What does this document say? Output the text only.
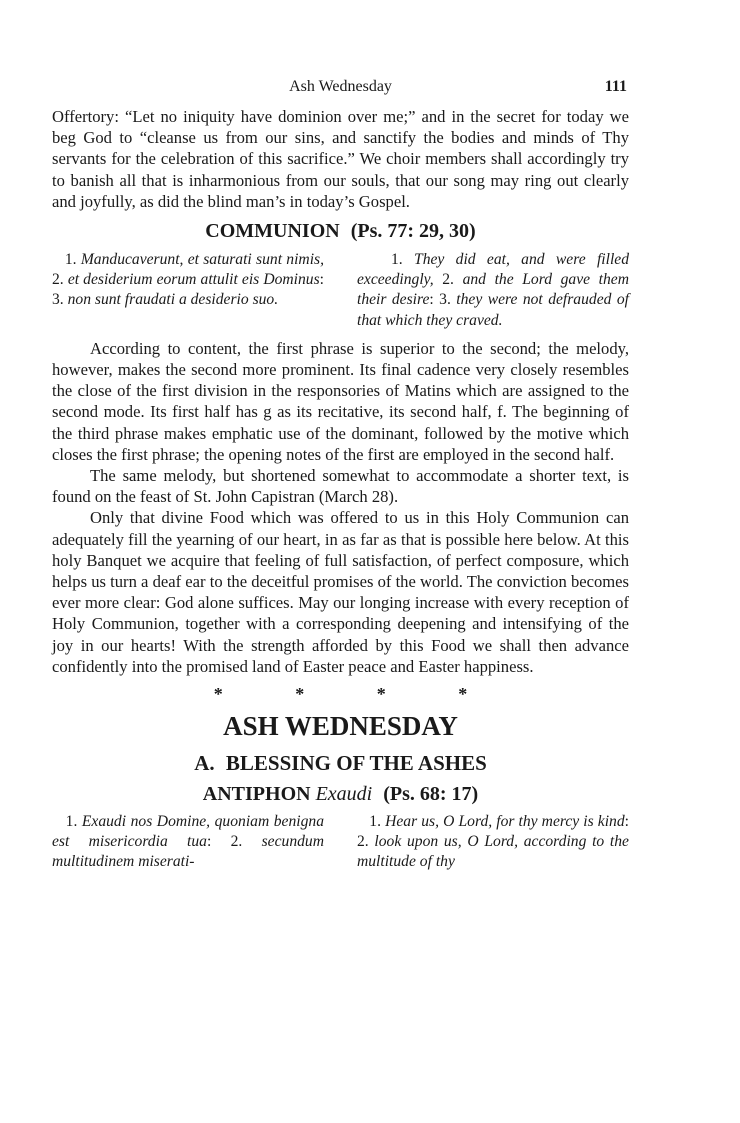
Ash Wednesday	111

Offertory: “Let no iniquity have dominion over me;” and in the secret for today we beg God to “cleanse us from our sins, and sanctify the bodies and minds of Thy servants for the celebration of this sacrifice.” We choir members shall accordingly try to banish all that is inharmonious from our souls, that our song may ring out clearly and joyfully, as did the blind man’s in today’s Gospel.

COMMUNION (Ps. 77: 29, 30)
1. Manducaverunt, et saturati sunt nimis, 2. et desiderium eorum attulit eis Dominus: 3. non sunt fraudati a desiderio suo.
1. They did eat, and were filled exceedingly, 2. and the Lord gave them their desire: 3. they were not defrauded of that which they craved.

According to content, the first phrase is superior to the second; the melody, however, makes the second more prominent. Its final cadence very closely resembles the close of the first division in the responsories of Matins which are assigned to the second mode. Its first half has g as its recitative, its second half, f. The beginning of the third phrase makes emphatic use of the dominant, followed by the motive which closes the first phrase; the opening notes of the first are employed in the second half.

The same melody, but shortened somewhat to accommodate a shorter text, is found on the feast of St. John Capistran (March 28).

Only that divine Food which was offered to us in this Holy Communion can adequately fill the yearning of our heart, in as far as that is possible here below. At this holy Banquet we acquire that feeling of full satisfaction, of perfect composure, which helps us turn a deaf ear to the deceitful promises of the world. The conviction becomes ever more clear: God alone suffices. May our longing increase with every reception of Holy Communion, together with a corresponding deepening and intensifying of the joy in our hearts! With the strength afforded by this Food we shall then advance confidently into the promised land of Easter peace and Easter happiness.

* * * *
ASH WEDNESDAY
A. BLESSING OF THE ASHES
ANTIPHON Exaudi (Ps. 68: 17)
1. Exaudi nos Domine, quoniam benigna est misericordia tua: 2. secundum multitudinem miserati-
1. Hear us, O Lord, for thy mercy is kind: 2. look upon us, O Lord, according to the multitude of thy
